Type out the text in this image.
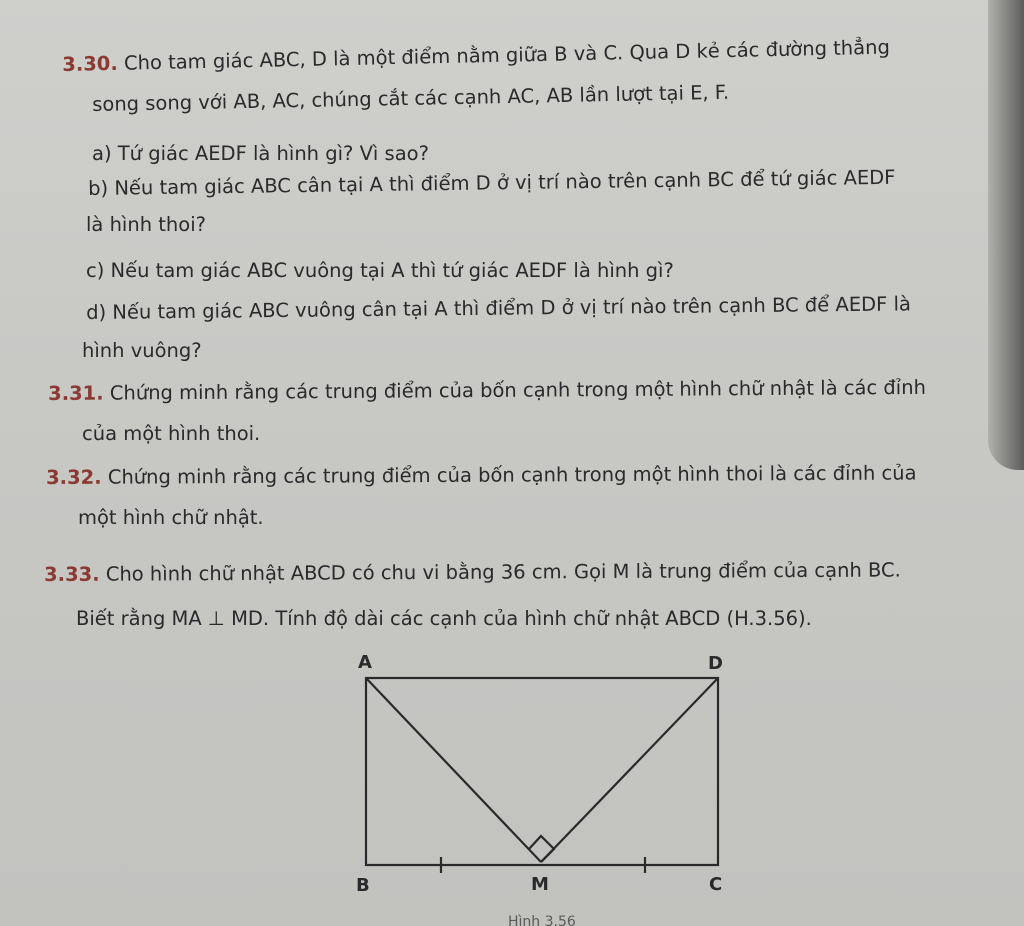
3.30. Cho tam giác ABC, D là một điểm nằm giữa B và C. Qua D kẻ các đường thẳng
song song với AB, AC, chúng cắt các cạnh AC, AB lần lượt tại E, F.
a) Tứ giác AEDF là hình gì? Vì sao?
b) Nếu tam giác ABC cân tại A thì điểm D ở vị trí nào trên cạnh BC để tứ giác AEDF
là hình thoi?
c) Nếu tam giác ABC vuông tại A thì tứ giác AEDF là hình gì?
d) Nếu tam giác ABC vuông cân tại A thì điểm D ở vị trí nào trên cạnh BC để AEDF là
hình vuông?
3.31. Chứng minh rằng các trung điểm của bốn cạnh trong một hình chữ nhật là các đỉnh
của một hình thoi.
3.32. Chứng minh rằng các trung điểm của bốn cạnh trong một hình thoi là các đỉnh của
một hình chữ nhật.
3.33. Cho hình chữ nhật ABCD có chu vi bằng 36 cm. Gọi M là trung điểm của cạnh BC.
Biết rằng MA ⊥ MD. Tính độ dài các cạnh của hình chữ nhật ABCD (H.3.56).
A	D
B	M	C
Hình 3.56
